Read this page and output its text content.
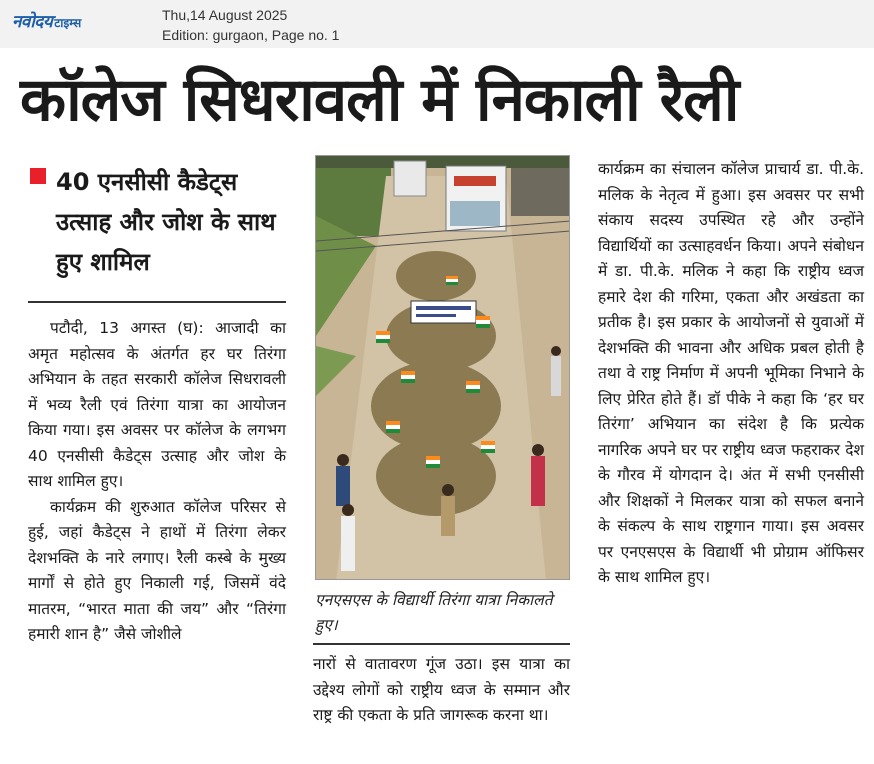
नवोदय टाइम्स	Thu,14 August 2025
Edition: gurgaon, Page no. 1
कॉलेज सिधरावली में निकाली रैली
40 एनसीसी कैडेट्स उत्साह और जोश के साथ हुए शामिल

पटौदी, 13 अगस्त (घ): आजादी का अमृत महोत्सव के अंतर्गत हर घर तिरंगा अभियान के तहत सरकारी कॉलेज सिधरावली में भव्य रैली एवं तिरंगा यात्रा का आयोजन किया गया। इस अवसर पर कॉलेज के लगभग 40 एनसीसी कैडेट्स उत्साह और जोश के साथ शामिल हुए।

कार्यक्रम की शुरुआत कॉलेज परिसर से हुई, जहां कैडेट्स ने हाथों में तिरंगा लेकर देशभक्ति के नारे लगाए। रैली कस्बे के मुख्य मार्गों से होते हुए निकाली गई, जिसमें वंदे मातरम, “भारत माता की जय” और “तिरंगा हमारी शान है” जैसे जोशीले

एनएसएस के विद्यार्थी तिरंगा यात्रा निकालते हुए।

नारों से वातावरण गूंज उठा। इस यात्रा का उद्देश्य लोगों को राष्ट्रीय ध्वज के सम्मान और राष्ट्र की एकता के प्रति जागरूक करना था।

कार्यक्रम का संचालन कॉलेज प्राचार्य डा. पी.के. मलिक के नेतृत्व में हुआ। इस अवसर पर सभी संकाय सदस्य उपस्थित रहे और उन्होंने विद्यार्थियों का उत्साहवर्धन किया। अपने संबोधन में डा. पी.के. मलिक ने कहा कि राष्ट्रीय ध्वज हमारे देश की गरिमा, एकता और अखंडता का प्रतीक है। इस प्रकार के आयोजनों से युवाओं में देशभक्ति की भावना और अधिक प्रबल होती है तथा वे राष्ट्र निर्माण में अपनी भूमिका निभाने के लिए प्रेरित होते हैं। डॉ पीके ने कहा कि ‘हर घर तिरंगा’ अभियान का संदेश है कि प्रत्येक नागरिक अपने घर पर राष्ट्रीय ध्वज फहराकर देश के गौरव में योगदान दे। अंत में सभी एनसीसी और शिक्षकों ने मिलकर यात्रा को सफल बनाने के संकल्प के साथ राष्ट्रगान गाया। इस अवसर पर एनएसएस के विद्यार्थी भी प्रोग्राम ऑफिसर के साथ शामिल हुए।
